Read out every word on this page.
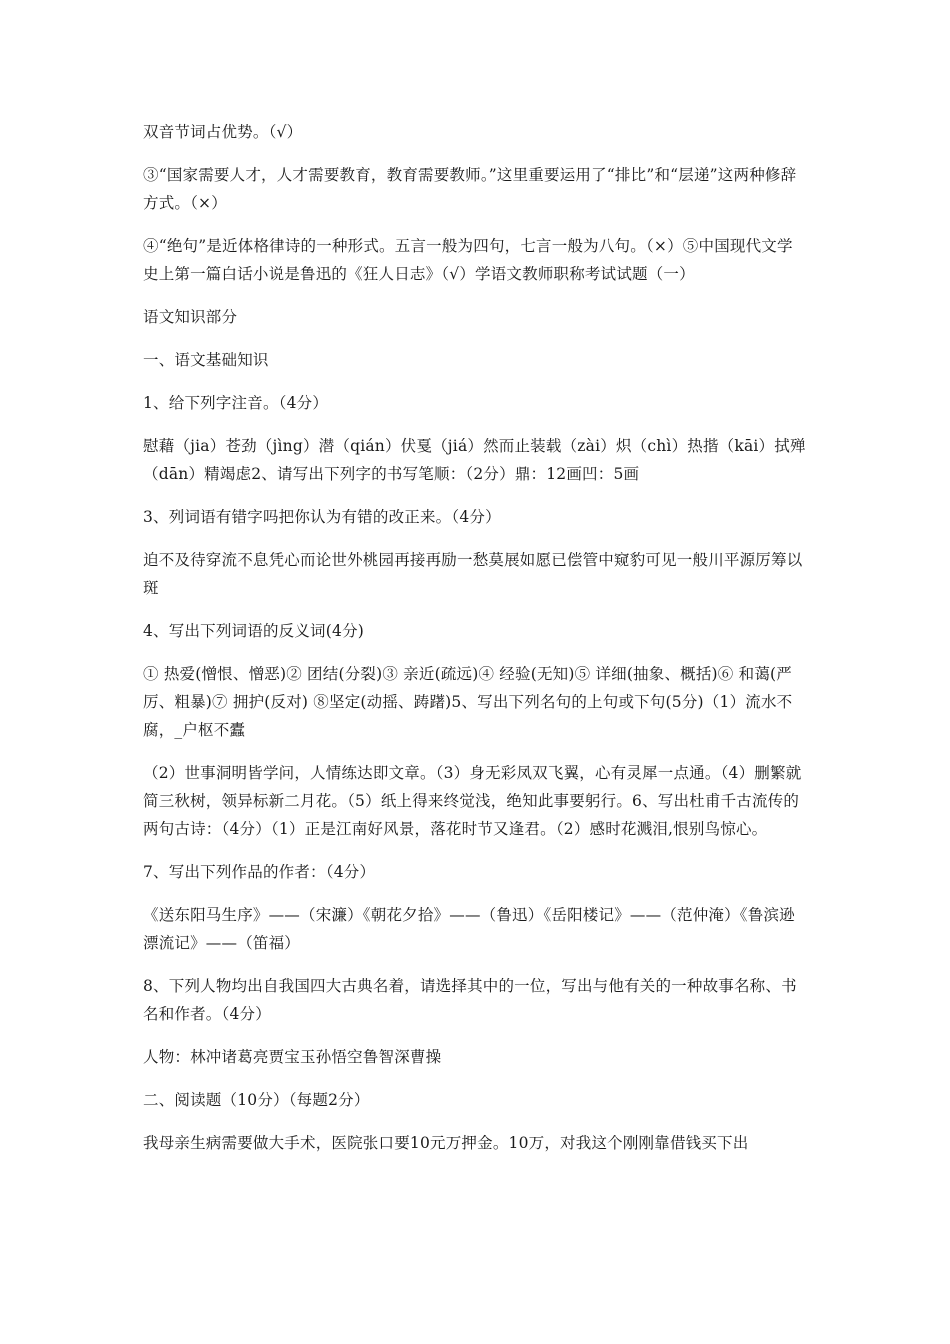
双音节词占优势。（√）

③“国家需要人才，人才需要教育，教育需要教师。”这里重要运用了“排比”和“层递”这两种修辞方式。（×）

④“绝句”是近体格律诗的一种形式。五言一般为四句，七言一般为八句。（×）⑤中国现代文学史上第一篇白话小说是鲁迅的《狂人日志》（√）学语文教师职称考试试题（一）

语文知识部分

一、语文基础知识

1、给下列字注音。（4分）

慰藉（jia）苍劲（jìng）潜（qián）伏戛（jiá）然而止装载（zài）炽（chì）热揩（kāi）拭殚（dān）精竭虑2、请写出下列字的书写笔顺：（2分）鼎：12画凹：5画

3、列词语有错字吗把你认为有错的改正来。（4分）

迫不及待穿流不息凭心而论世外桃园再接再励一愁莫展如愿已偿管中窥豹可见一般川平源厉筹以斑

4、写出下列词语的反义词(4分)

① 热爱(憎恨、憎恶)② 团结(分裂)③ 亲近(疏远)④ 经验(无知)⑤ 详细(抽象、概括)⑥ 和蔼(严厉、粗暴)⑦ 拥护(反对) ⑧坚定(动摇、踌躇)5、写出下列名句的上句或下句(5分)（1）流水不腐，_户枢不蠹

（2）世事洞明皆学问，人情练达即文章。（3）身无彩凤双飞翼，心有灵犀一点通。（4）删繁就简三秋树，领异标新二月花。（5）纸上得来终觉浅，绝知此事要躬行。6、写出杜甫千古流传的两句古诗：（4分）（1）正是江南好风景，落花时节又逢君。（2）感时花溅泪,恨别鸟惊心。

7、写出下列作品的作者：（4分）

《送东阳马生序》——（宋濂）《朝花夕拾》——（鲁迅）《岳阳楼记》——（范仲淹）《鲁滨逊漂流记》——（笛福）

8、下列人物均出自我国四大古典名着，请选择其中的一位，写出与他有关的一种故事名称、书名和作者。（4分）

人物：林冲诸葛亮贾宝玉孙悟空鲁智深曹操

二、阅读题（10分）（每题2分）

我母亲生病需要做大手术，医院张口要10元万押金。10万，对我这个刚刚靠借钱买下出
